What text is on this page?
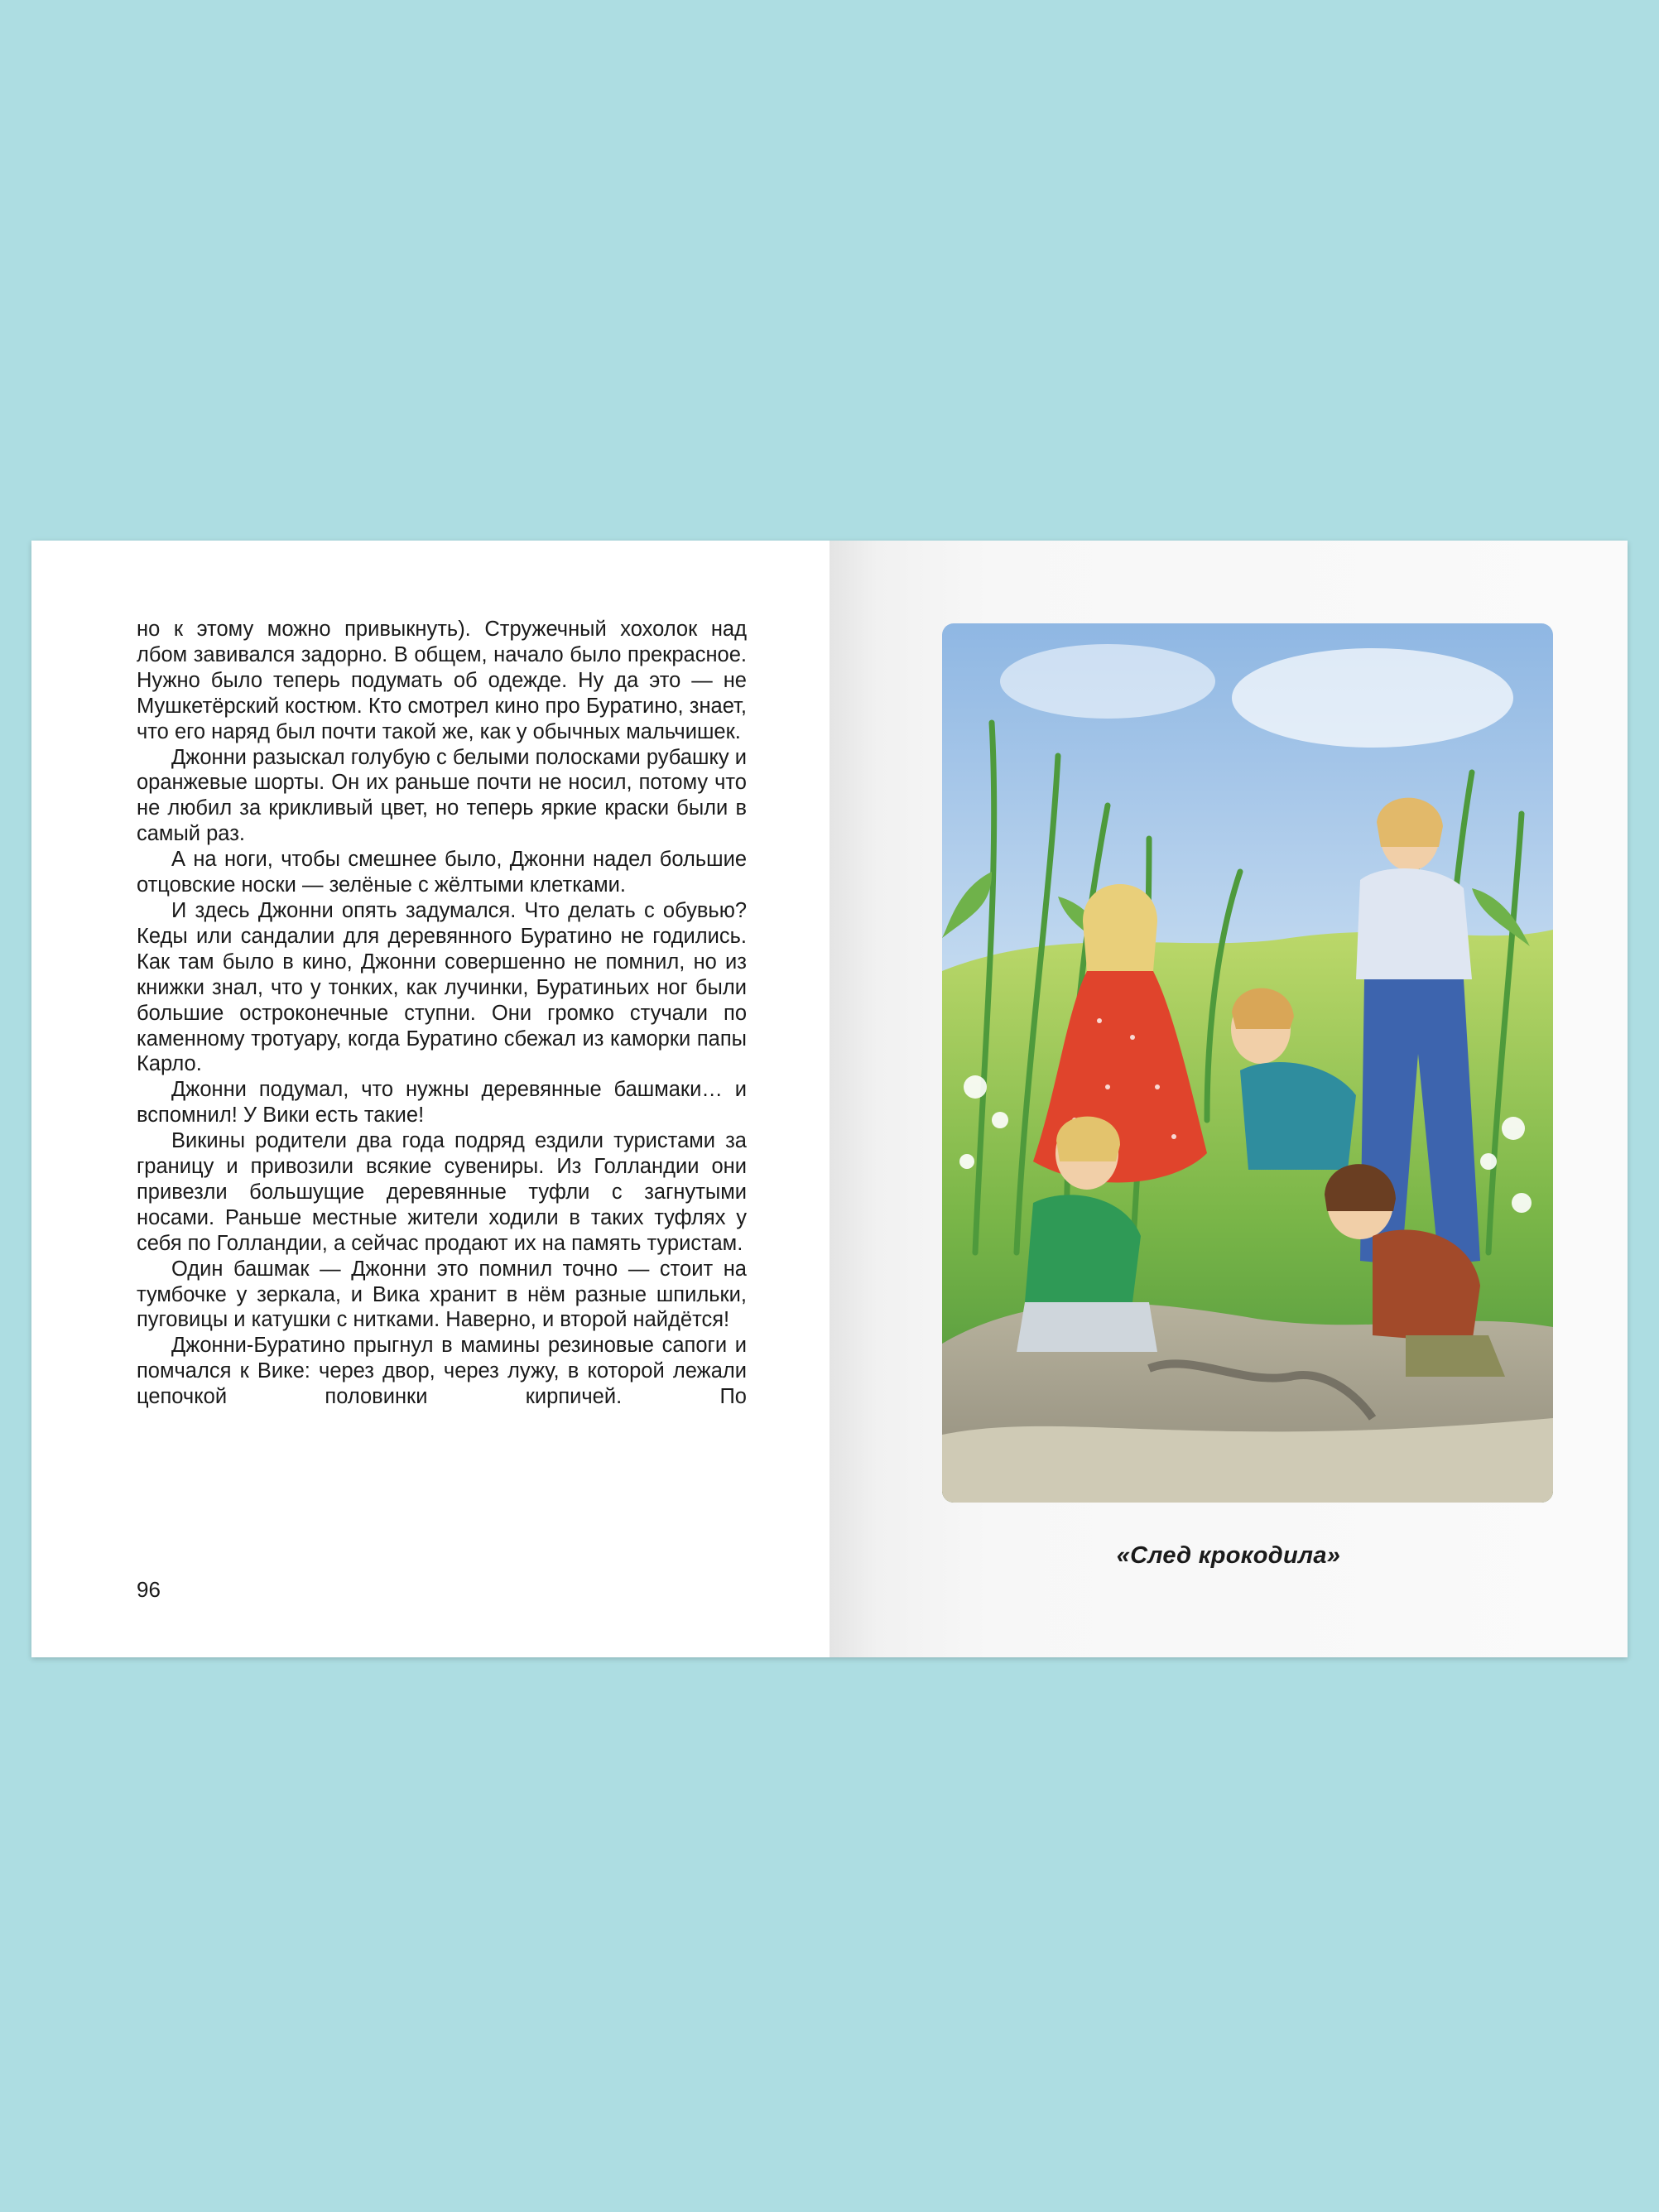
но к этому можно привыкнуть). Стружечный хохолок над лбом завивался задорно. В общем, начало было прекрасное. Нужно было теперь подумать об одежде. Ну да это — не Мушкетёрский костюм. Кто смотрел кино про Буратино, знает, что его наряд был почти такой же, как у обычных мальчишек.

Джонни разыскал голубую с белыми полосками рубашку и оранжевые шорты. Он их раньше почти не носил, потому что не любил за крикливый цвет, но теперь яркие краски были в самый раз.

А на ноги, чтобы смешнее было, Джонни надел большие отцовские носки — зелёные с жёлтыми клетками.

И здесь Джонни опять задумался. Что делать с обувью? Кеды или сандалии для деревянного Буратино не годились. Как там было в кино, Джонни совершенно не помнил, но из книжки знал, что у тонких, как лучинки, Буратиньих ног были большие остроконечные ступни. Они громко стучали по каменному тротуару, когда Буратино сбежал из каморки папы Карло.

Джонни подумал, что нужны деревянные башмаки… и вспомнил! У Вики есть такие!

Викины родители два года подряд ездили туристами за границу и привозили всякие сувениры. Из Голландии они привезли большущие деревянные туфли с загнутыми носами. Раньше местные жители ходили в таких туфлях у себя по Голландии, а сейчас продают их на память туристам.

Один башмак — Джонни это помнил точно — стоит на тумбочке у зеркала, и Вика хранит в нём разные шпильки, пуговицы и катушки с нитками. Наверно, и второй найдётся!

Джонни-Буратино прыгнул в мамины резиновые сапоги и помчался к Вике: через двор, через лужу, в которой лежали цепочкой половинки кирпичей. По

96
«След крокодила»
